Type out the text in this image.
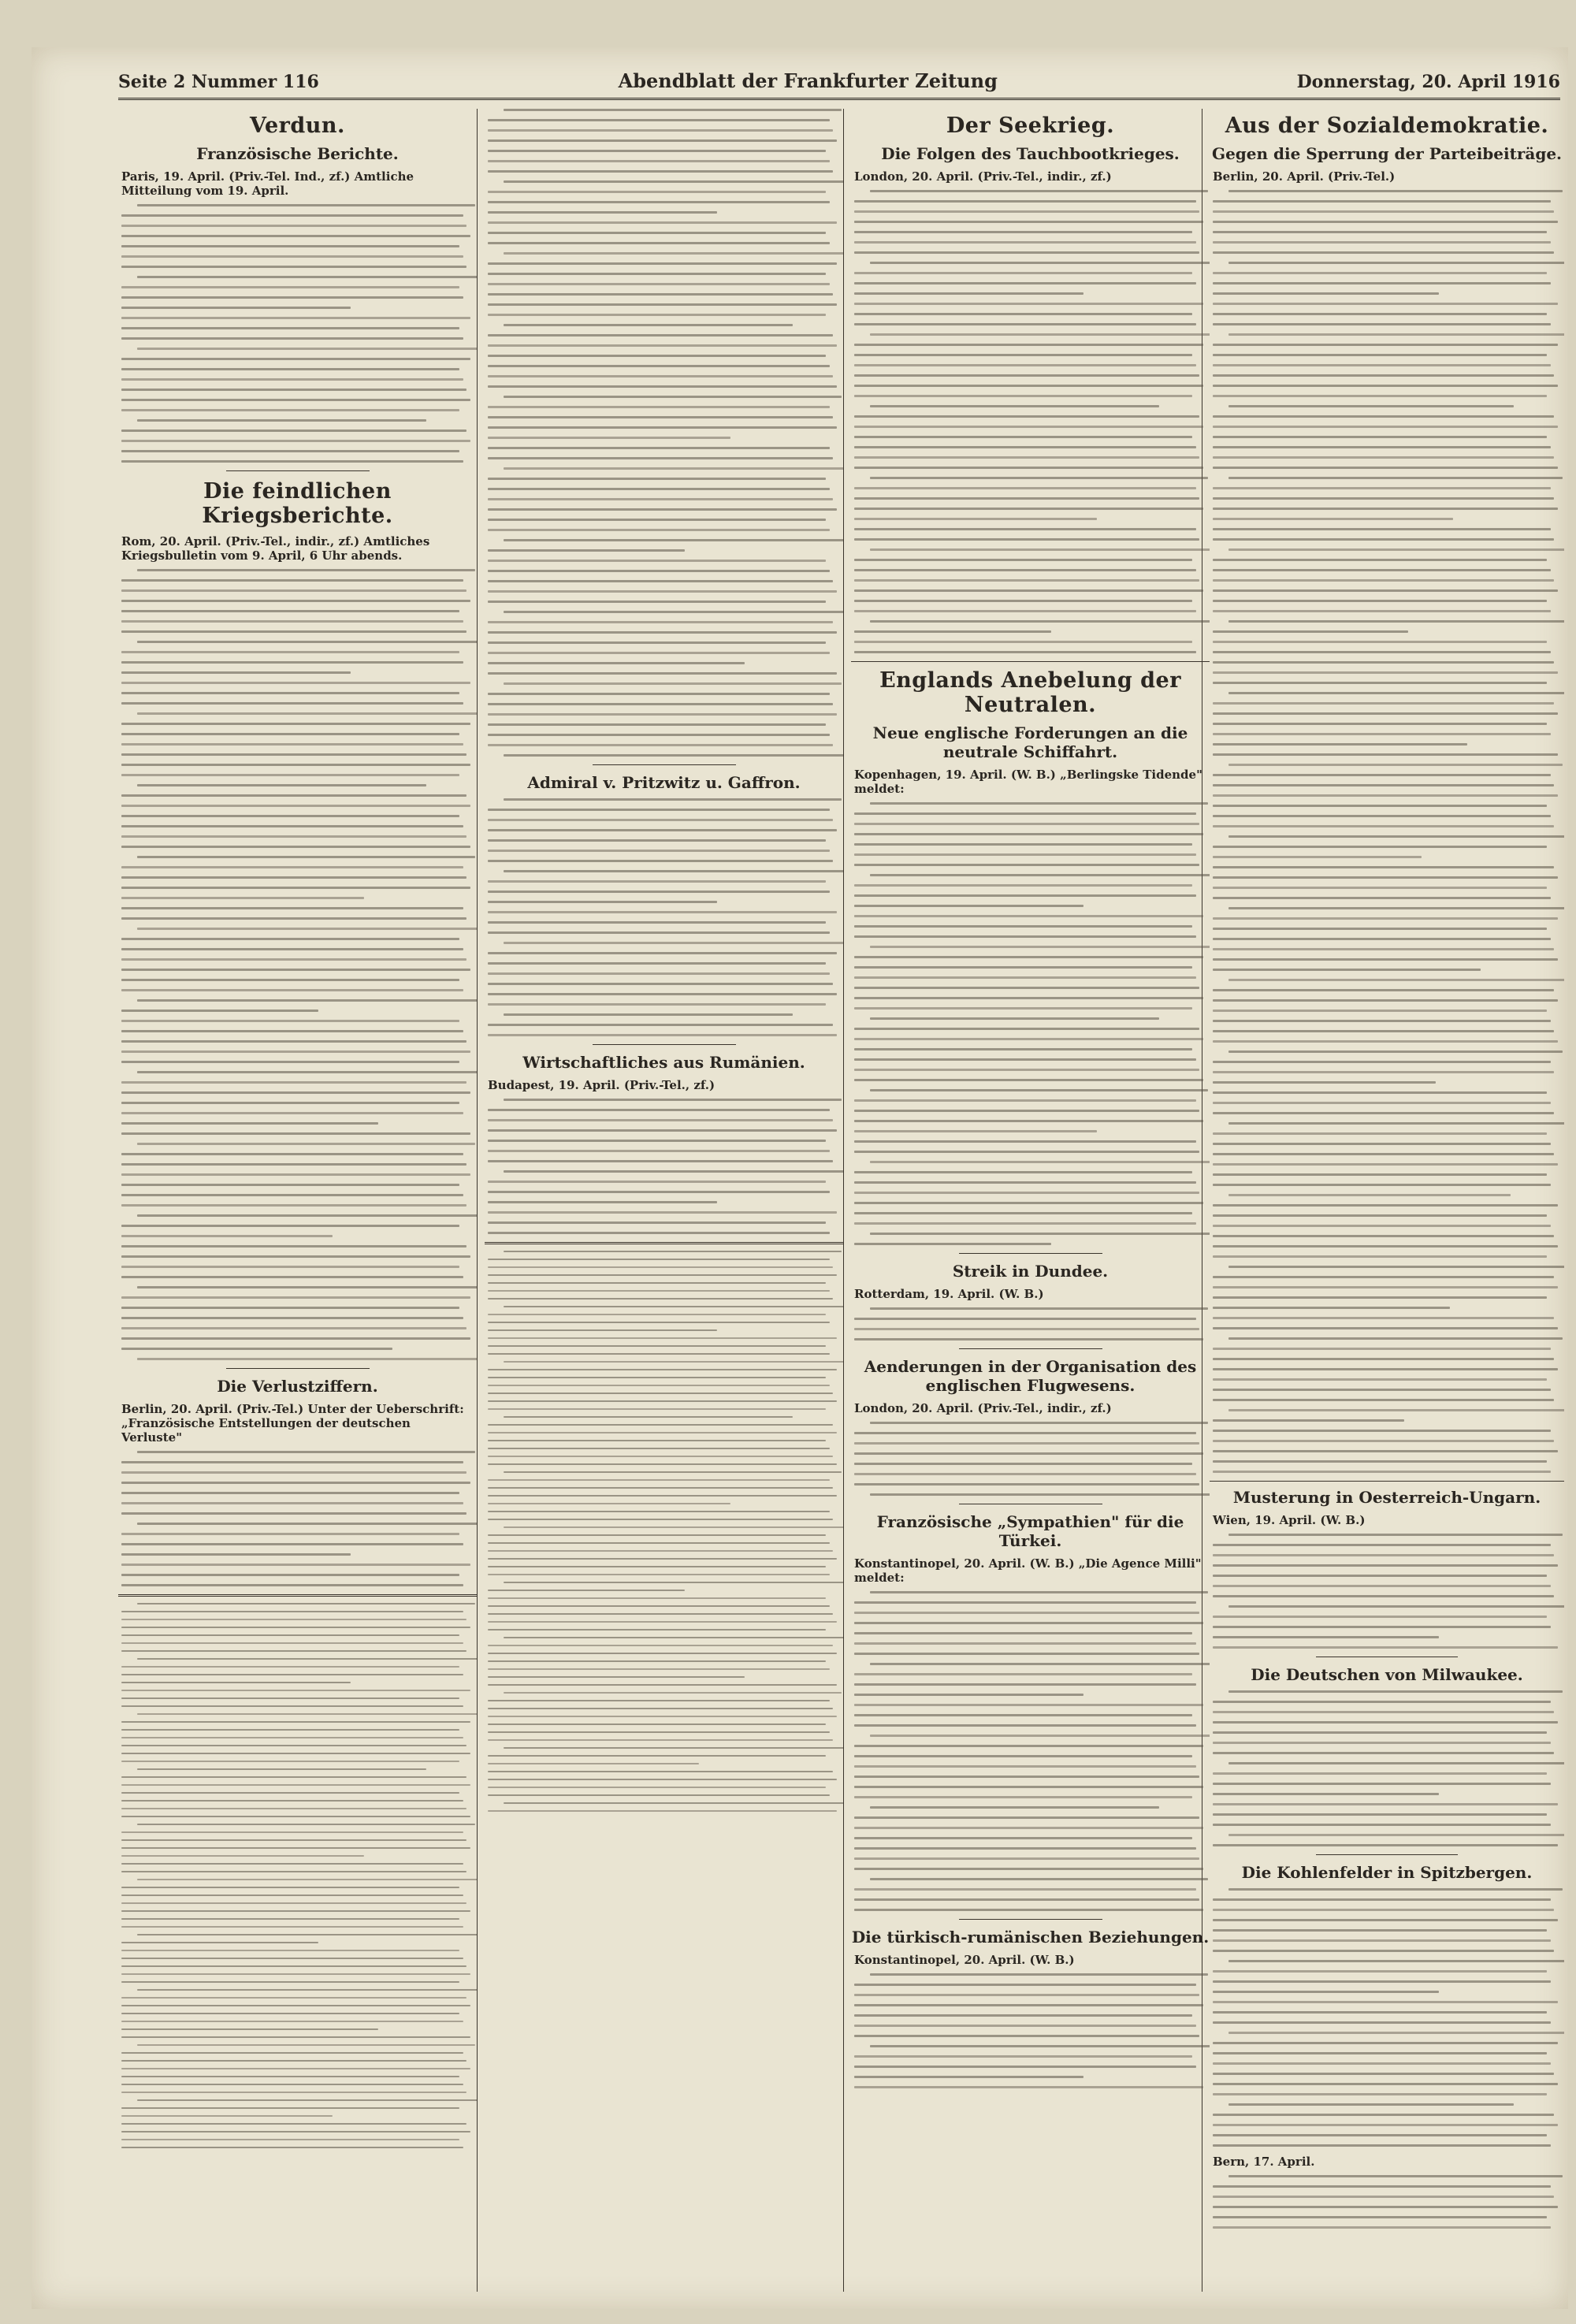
Seite 2 Nummer 116	Abendblatt der Frankfurter Zeitung	Donnerstag, 20. April 1916
Verdun.
Französische Berichte.
Paris, 19. April. (Priv.-Tel. Ind., zf.) Amtliche Mitteilung vom 19. April.
Die feindlichen Kriegsberichte.
Rom, 20. April. (Priv.-Tel., indir., zf.) Amtliches Kriegsbulletin vom 9. April, 6 Uhr abends.
Die Verlustziffern.
Berlin, 20. April. (Priv.-Tel.) Unter der Ueberschrift: „Französische Entstellungen der deutschen Verluste"
Admiral v. Pritzwitz u. Gaffron.
Wirtschaftliches aus Rumänien.
Budapest, 19. April. (Priv.-Tel., zf.)
Der Seekrieg.
Die Folgen des Tauchbootkrieges.
London, 20. April. (Priv.-Tel., indir., zf.)
Englands Anebelung der Neutralen.
Neue englische Forderungen an die neutrale Schiffahrt.
Kopenhagen, 19. April. (W. B.) „Berlingske Tidende" meldet:
Streik in Dundee.
Rotterdam, 19. April. (W. B.)
Aenderungen in der Organisation des englischen Flugwesens.
London, 20. April. (Priv.-Tel., indir., zf.)
Französische „Sympathien" für die Türkei.
Konstantinopel, 20. April. (W. B.) „Die Agence Milli" meldet:
Die türkisch-rumänischen Beziehungen.
Konstantinopel, 20. April. (W. B.)
Aus der Sozialdemokratie.
Gegen die Sperrung der Parteibeiträge.
Berlin, 20. April. (Priv.-Tel.)
Musterung in Oesterreich-Ungarn.
Wien, 19. April. (W. B.)
Die Deutschen von Milwaukee.
Die Kohlenfelder in Spitzbergen.
Bern, 17. April.
